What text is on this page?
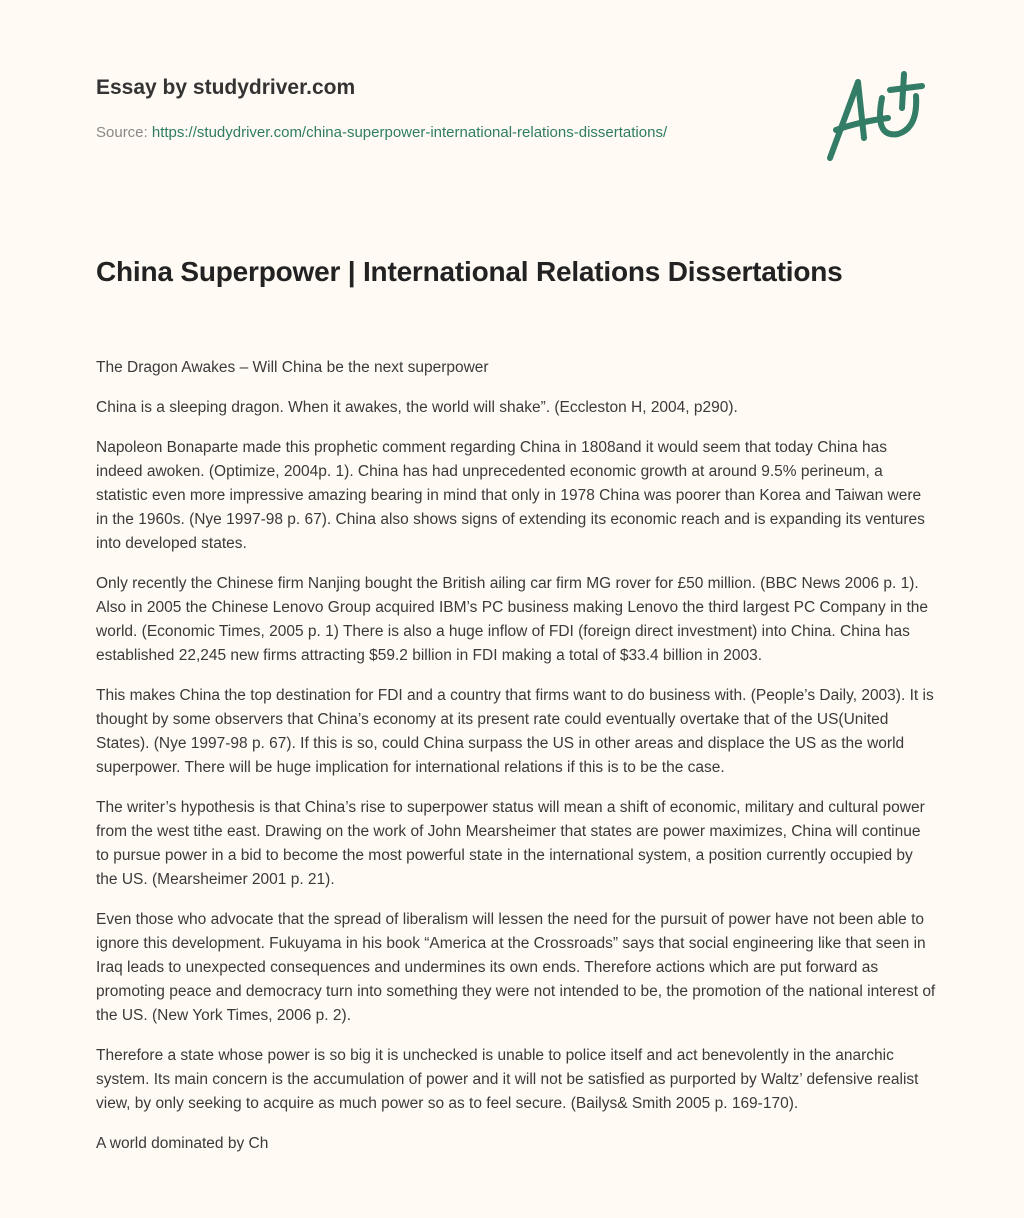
Essay by studydriver.com
Source: https://studydriver.com/china-superpower-international-relations-dissertations/
China Superpower | International Relations Dissertations

The Dragon Awakes – Will China be the next superpower

China is a sleeping dragon. When it awakes, the world will shake”. (Eccleston H, 2004, p290).

Napoleon Bonaparte made this prophetic comment regarding China in 1808and it would seem that today China has indeed awoken. (Optimize, 2004p. 1). China has had unprecedented economic growth at around 9.5% perineum, a statistic even more impressive amazing bearing in mind that only in 1978 China was poorer than Korea and Taiwan were in the 1960s. (Nye 1997-98 p. 67). China also shows signs of extending its economic reach and is expanding its ventures into developed states.

Only recently the Chinese firm Nanjing bought the British ailing car firm MG rover for £50 million. (BBC News 2006 p. 1). Also in 2005 the Chinese Lenovo Group acquired IBM’s PC business making Lenovo the third largest PC Company in the world. (Economic Times, 2005 p. 1) There is also a huge inflow of FDI (foreign direct investment) into China. China has established 22,245 new firms attracting $59.2 billion in FDI making a total of $33.4 billion in 2003.

This makes China the top destination for FDI and a country that firms want to do business with. (People’s Daily, 2003). It is thought by some observers that China’s economy at its present rate could eventually overtake that of the US(United States). (Nye 1997-98 p. 67). If this is so, could China surpass the US in other areas and displace the US as the world superpower. There will be huge implication for international relations if this is to be the case.

The writer’s hypothesis is that China’s rise to superpower status will mean a shift of economic, military and cultural power from the west tithe east. Drawing on the work of John Mearsheimer that states are power maximizes, China will continue to pursue power in a bid to become the most powerful state in the international system, a position currently occupied by the US. (Mearsheimer 2001 p. 21).

Even those who advocate that the spread of liberalism will lessen the need for the pursuit of power have not been able to ignore this development. Fukuyama in his book “America at the Crossroads” says that social engineering like that seen in Iraq leads to unexpected consequences and undermines its own ends. Therefore actions which are put forward as promoting peace and democracy turn into something they were not intended to be, the promotion of the national interest of the US. (New York Times, 2006 p. 2).

Therefore a state whose power is so big it is unchecked is unable to police itself and act benevolently in the anarchic system. Its main concern is the accumulation of power and it will not be satisfied as purported by Waltz’ defensive realist view, by only seeking to acquire as much power so as to feel secure. (Bailys& Smith 2005 p. 169-170).

A world dominated by Ch
